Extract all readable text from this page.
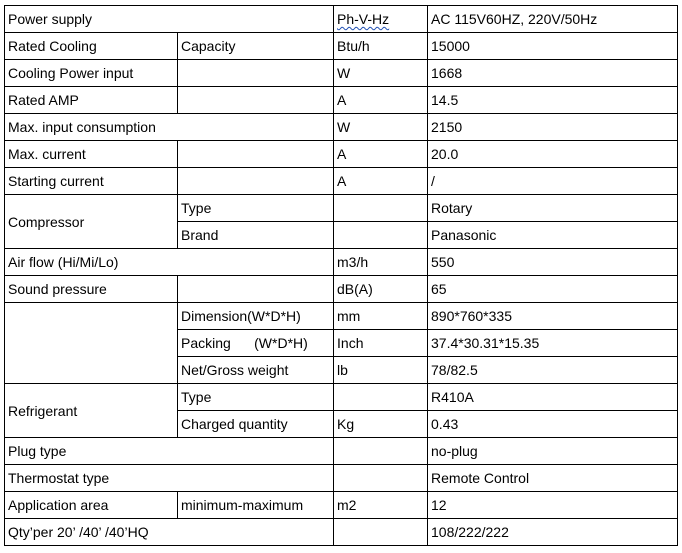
Power supply		Ph-V-Hz	AC 115V60HZ, 220V/50Hz
Rated Cooling	Capacity	Btu/h	15000
Cooling Power input		W	1668
Rated AMP		A	14.5
Max. input consumption		W	2150
Max. current		A	20.0
Starting current		A	/
Compressor	Type		Rotary
	Brand		Panasonic
Air flow (Hi/Mi/Lo)		m3/h	550
Sound pressure		dB(A)	65
	Dimension(W*D*H)	mm	890*760*335
	Packing      (W*D*H)	Inch	37.4*30.31*15.35
	Net/Gross weight	lb	78/82.5
Refrigerant	Type		R410A
	Charged quantity	Kg	0.43
Plug type			no-plug
Thermostat type			Remote Control
Application area	minimum-maximum	m2	12
Qty’per 20’ /40’ /40’HQ			108/222/222
